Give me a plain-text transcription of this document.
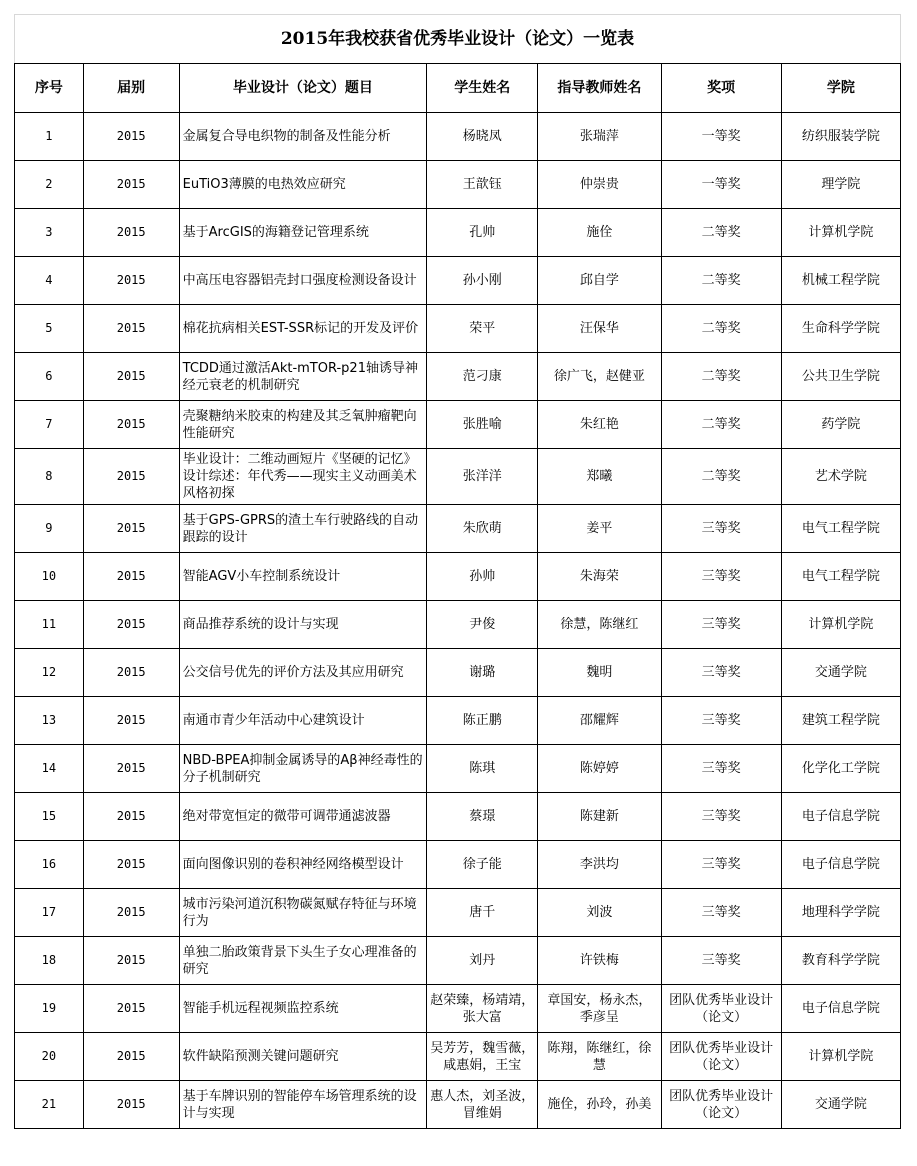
2015年我校获省优秀毕业设计（论文）一览表						
序号	届别	毕业设计（论文）题目	学生姓名	指导教师姓名	奖项	学院
1	2015	金属复合导电织物的制备及性能分析	杨晓凤	张瑞萍	一等奖	纺织服装学院
2	2015	EuTiO3薄膜的电热效应研究	王歆钰	仲崇贵	一等奖	理学院
3	2015	基于ArcGIS的海籍登记管理系统	孔帅	施佺	二等奖	计算机学院
4	2015	中高压电容器铝壳封口强度检测设备设计	孙小刚	邱自学	二等奖	机械工程学院
5	2015	棉花抗病相关EST-SSR标记的开发及评价	荣平	汪保华	二等奖	生命科学学院
6	2015	TCDD通过激活Akt-mTOR-p21轴诱导神经元衰老的机制研究	范刁康	徐广飞，赵健亚	二等奖	公共卫生学院
7	2015	壳聚糖纳米胶束的构建及其乏氧肿瘤靶向性能研究	张胜喻	朱红艳	二等奖	药学院
8	2015	毕业设计：二维动画短片《坚硬的记忆》 设计综述：年代秀——现实主义动画美术风格初探	张洋洋	郑曦	二等奖	艺术学院
9	2015	基于GPS-GPRS的渣土车行驶路线的自动跟踪的设计	朱欣萌	姜平	三等奖	电气工程学院
10	2015	智能AGV小车控制系统设计	孙帅	朱海荣	三等奖	电气工程学院
11	2015	商品推荐系统的设计与实现	尹俊	徐慧，陈继红	三等奖	计算机学院
12	2015	公交信号优先的评价方法及其应用研究	谢璐	魏明	三等奖	交通学院
13	2015	南通市青少年活动中心建筑设计	陈正鹏	邵耀辉	三等奖	建筑工程学院
14	2015	NBD-BPEA抑制金属诱导的Aβ神经毒性的分子机制研究	陈琪	陈婷婷	三等奖	化学化工学院
15	2015	绝对带宽恒定的微带可调带通滤波器	蔡璟	陈建新	三等奖	电子信息学院
16	2015	面向图像识别的卷积神经网络模型设计	徐子能	李洪均	三等奖	电子信息学院
17	2015	城市污染河道沉积物碳氮赋存特征与环境行为	唐千	刘波	三等奖	地理科学学院
18	2015	单独二胎政策背景下头生子女心理准备的研究	刘丹	许铁梅	三等奖	教育科学学院
19	2015	智能手机远程视频监控系统	赵荣臻，杨靖靖，张大富	章国安，杨永杰，季彦呈	团队优秀毕业设计（论文）	电子信息学院
20	2015	软件缺陷预测关键问题研究	吴芳芳，魏雪薇，咸惠娟，王宝	陈翔，陈继红，徐慧	团队优秀毕业设计（论文）	计算机学院
21	2015	基于车牌识别的智能停车场管理系统的设计与实现	惠人杰，刘圣波，冒维娟	施佺，孙玲，孙美	团队优秀毕业设计（论文）	交通学院
